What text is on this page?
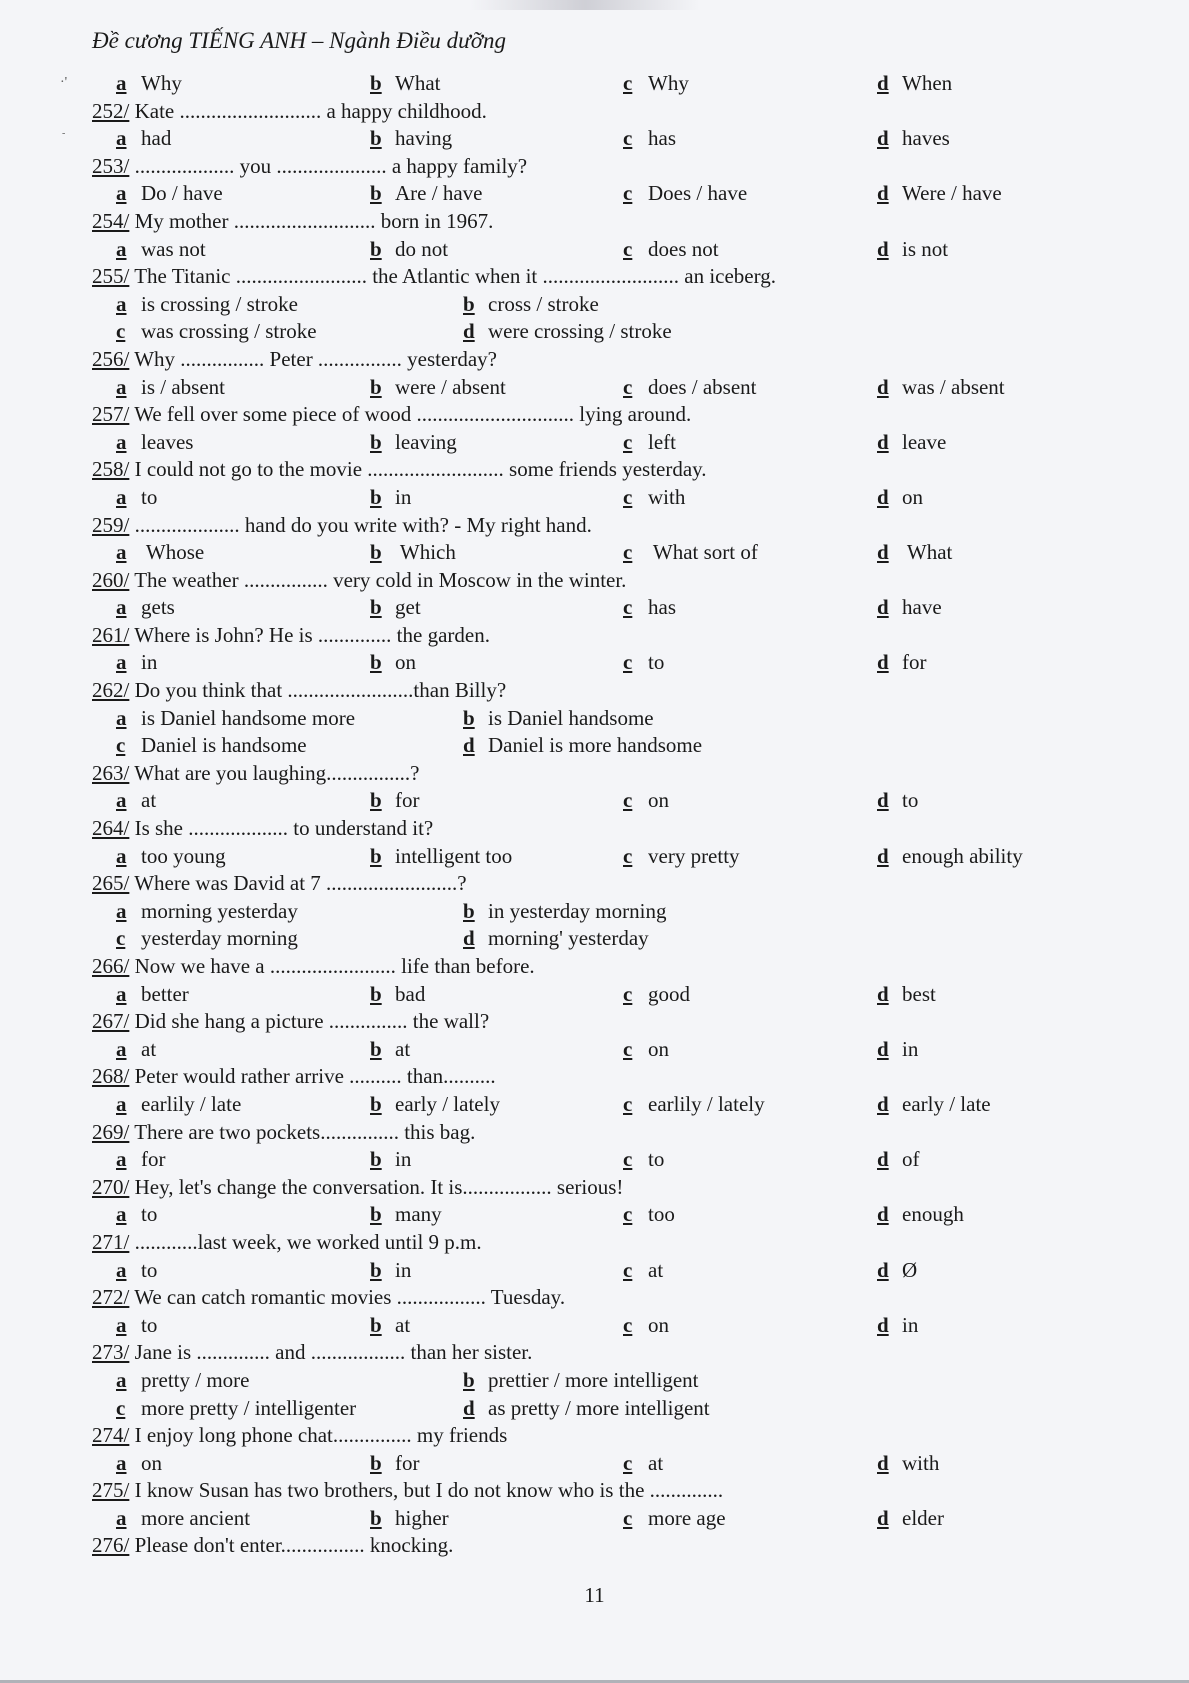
Đề cương TIẾNG ANH – Ngành Điều dưỡng
·'
-
a Why	b What	c Why	d When
252/ Kate ........................... a happy childhood.
a had	b having	c has	d haves
253/ ................... you ..................... a happy family?
a Do / have	b Are / have	c Does / have	d Were / have
254/ My mother ........................... born in 1967.
a was not	b do not	c does not	d is not
255/ The Titanic ......................... the Atlantic when it .......................... an iceberg.
a is crossing / stroke	b cross / stroke
c was crossing / stroke	d were crossing / stroke
256/ Why ................ Peter ................ yesterday?
a is / absent	b were / absent	c does / absent	d was / absent
257/ We fell over some piece of wood .............................. lying around.
a leaves	b leaving	c left	d leave
258/ I could not go to the movie .......................... some friends yesterday.
a to	b in	c with	d on
259/ .................... hand do you write with? - My right hand.
a Whose	b Which	c What sort of	d What
260/ The weather ................ very cold in Moscow in the winter.
a gets	b get	c has	d have
261/ Where is John? He is .............. the garden.
a in	b on	c to	d for
262/ Do you think that ........................than Billy?
a is Daniel handsome more	b is Daniel handsome
c Daniel is handsome	d Daniel is more handsome
263/ What are you laughing................?
a at	b for	c on	d to
264/ Is she ................... to understand it?
a too young	b intelligent too	c very pretty	d enough ability
265/ Where was David at 7 .........................?
a morning yesterday	b in yesterday morning
c yesterday morning	d morning' yesterday
266/ Now we have a ........................ life than before.
a better	b bad	c good	d best
267/ Did she hang a picture ............... the wall?
a at	b at	c on	d in
268/ Peter would rather arrive .......... than..........
a earlily / late	b early / lately	c earlily / lately	d early / late
269/ There are two pockets............... this bag.
a for	b in	c to	d of
270/ Hey, let's change the conversation. It is................. serious!
a to	b many	c too	d enough
271/ ............last week, we worked until 9 p.m.
a to	b in	c at	d Ø
272/ We can catch romantic movies ................. Tuesday.
a to	b at	c on	d in
273/ Jane is .............. and .................. than her sister.
a pretty / more	b prettier / more intelligent
c more pretty / intelligenter	d as pretty / more intelligent
274/ I enjoy long phone chat............... my friends
a on	b for	c at	d with
275/ I know Susan has two brothers, but I do not know who is the ..............
a more ancient	b higher	c more age	d elder
276/ Please don't enter................ knocking.
11
